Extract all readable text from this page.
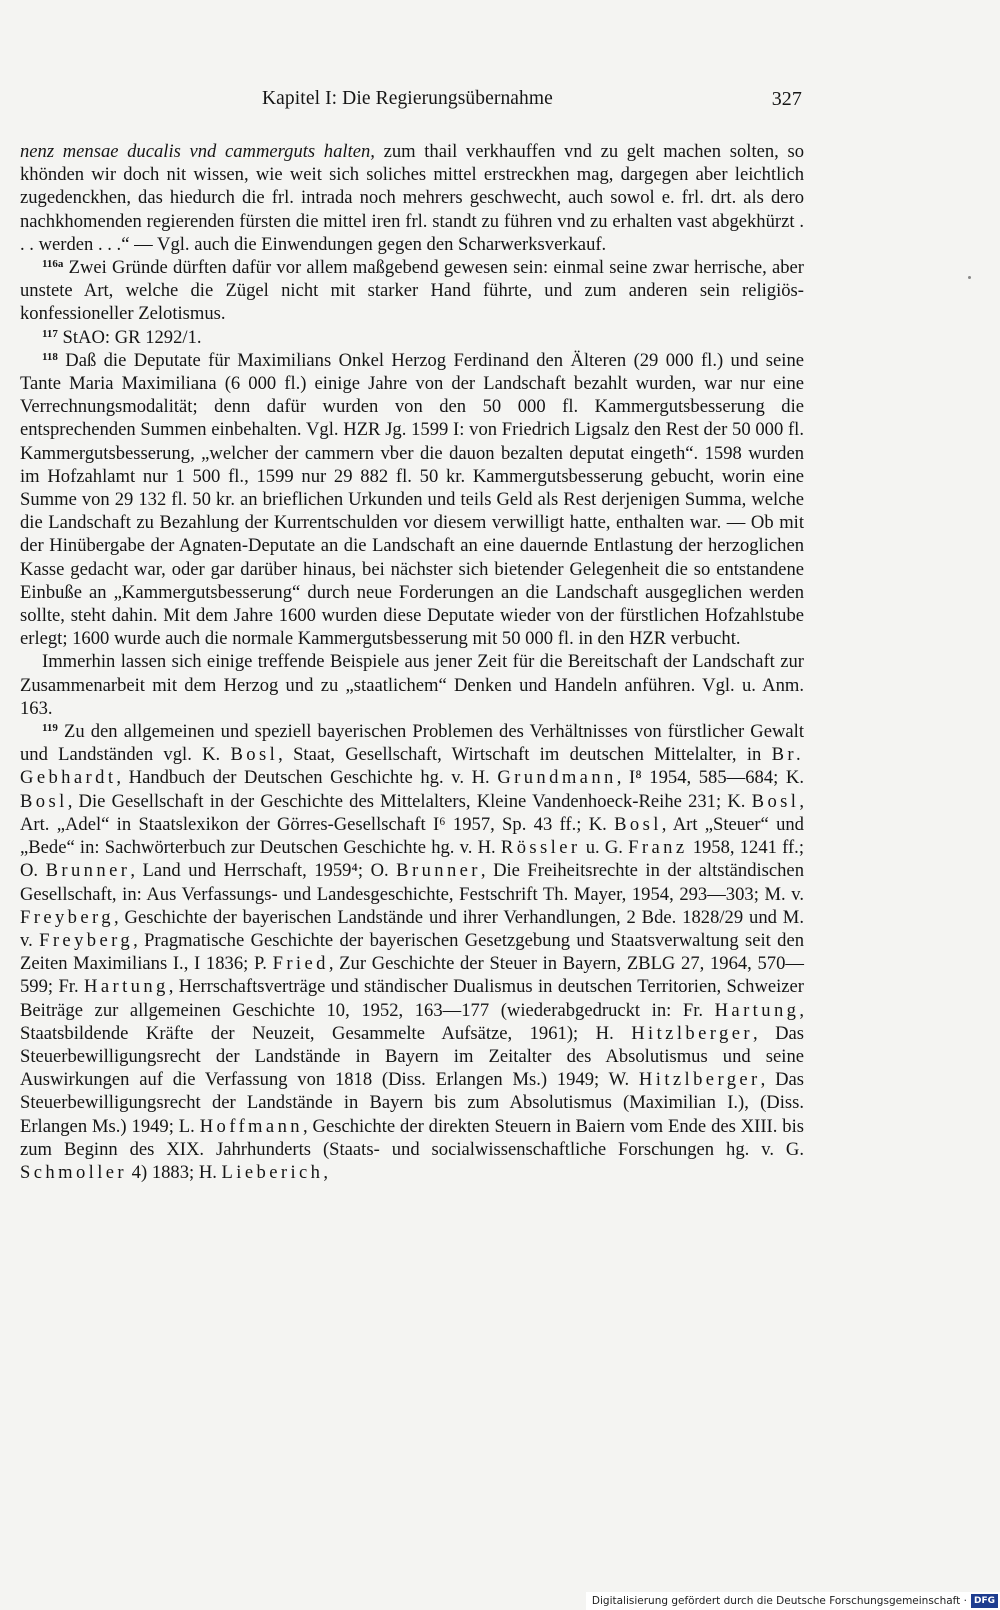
Kapitel I: Die Regierungsübernahme	327

nenz mensae ducalis vnd cammerguts halten, zum thail verkhauffen vnd zu gelt machen solten, so khönden wir doch nit wissen, wie weit sich soliches mittel erstreckhen mag, dargegen aber leichtlich zugedenckhen, das hiedurch die frl. intrada noch mehrers geschwecht, auch sowol e. frl. drt. als dero nachkhomenden regierenden fürsten die mittel iren frl. standt zu führen vnd zu erhalten vast abgekhürzt . . . werden . . .“ — Vgl. auch die Einwendungen gegen den Scharwerksverkauf.

$^{116a}$ Zwei Gründe dürften dafür vor allem maßgebend gewesen sein: einmal seine zwar herrische, aber unstete Art, welche die Zügel nicht mit starker Hand führte, und zum anderen sein religiös-konfessioneller Zelotismus.

$^{117}$ StAO: GR 1292/1.

$^{118}$ Daß die Deputate für Maximilians Onkel Herzog Ferdinand den Älteren (29 000 fl.) und seine Tante Maria Maximiliana (6 000 fl.) einige Jahre von der Landschaft bezahlt wurden, war nur eine Verrechnungsmodalität; denn dafür wurden von den 50 000 fl. Kammergutsbesserung die entsprechenden Summen einbehalten. Vgl. HZR Jg. 1599 I: von Friedrich Ligsalz den Rest der 50 000 fl. Kammergutsbesserung, „welcher der cammern vber die dauon bezalten deputat eingeth“. 1598 wurden im Hofzahlamt nur 1 500 fl., 1599 nur 29 882 fl. 50 kr. Kammergutsbesserung gebucht, worin eine Summe von 29 132 fl. 50 kr. an brieflichen Urkunden und teils Geld als Rest derjenigen Summa, welche die Landschaft zu Bezahlung der Kurrentschulden vor diesem verwilligt hatte, enthalten war. — Ob mit der Hinübergabe der Agnaten-Deputate an die Landschaft an eine dauernde Entlastung der herzoglichen Kasse gedacht war, oder gar darüber hinaus, bei nächster sich bietender Gelegenheit die so entstandene Einbuße an „Kammergutsbesserung“ durch neue Forderungen an die Landschaft ausgeglichen werden sollte, steht dahin. Mit dem Jahre 1600 wurden diese Deputate wieder von der fürstlichen Hofzahlstube erlegt; 1600 wurde auch die normale Kammergutsbesserung mit 50 000 fl. in den HZR verbucht.

Immerhin lassen sich einige treffende Beispiele aus jener Zeit für die Bereitschaft der Landschaft zur Zusammenarbeit mit dem Herzog und zu „staatlichem“ Denken und Handeln anführen. Vgl. u. Anm. 163.

$^{119}$ Zu den allgemeinen und speziell bayerischen Problemen des Verhältnisses von fürstlicher Gewalt und Landständen vgl. K. Bosl, Staat, Gesellschaft, Wirtschaft im deutschen Mittelalter, in Br. Gebhardt, Handbuch der Deutschen Geschichte hg. v. H. Grundmann, I⁸ 1954, 585—684; K. Bosl, Die Gesellschaft in der Geschichte des Mittelalters, Kleine Vandenhoeck-Reihe 231; K. Bosl, Art. „Adel“ in Staatslexikon der Görres-Gesellschaft I⁶ 1957, Sp. 43 ff.; K. Bosl, Art „Steuer“ und „Bede“ in: Sachwörterbuch zur Deutschen Geschichte hg. v. H. Rössler u. G. Franz 1958, 1241 ff.; O. Brunner, Land und Herrschaft, 1959⁴; O. Brunner, Die Freiheitsrechte in der altständischen Gesellschaft, in: Aus Verfassungs- und Landesgeschichte, Festschrift Th. Mayer, 1954, 293—303; M. v. Freyberg, Geschichte der bayerischen Landstände und ihrer Verhandlungen, 2 Bde. 1828/29 und M. v. Freyberg, Pragmatische Geschichte der bayerischen Gesetzgebung und Staatsverwaltung seit den Zeiten Maximilians I., I 1836; P. Fried, Zur Geschichte der Steuer in Bayern, ZBLG 27, 1964, 570—599; Fr. Hartung, Herrschaftsverträge und ständischer Dualismus in deutschen Territorien, Schweizer Beiträge zur allgemeinen Geschichte 10, 1952, 163—177 (wiederabgedruckt in: Fr. Hartung, Staatsbildende Kräfte der Neuzeit, Gesammelte Aufsätze, 1961); H. Hitzlberger, Das Steuerbewilligungsrecht der Landstände in Bayern im Zeitalter des Absolutismus und seine Auswirkungen auf die Verfassung von 1818 (Diss. Erlangen Ms.) 1949; W. Hitzlberger, Das Steuerbewilligungsrecht der Landstände in Bayern bis zum Absolutismus (Maximilian I.), (Diss. Erlangen Ms.) 1949; L. Hoffmann, Geschichte der direkten Steuern in Baiern vom Ende des XIII. bis zum Beginn des XIX. Jahrhunderts (Staats- und socialwissenschaftliche Forschungen hg. v. G. Schmoller 4) 1883; H. Lieberich,

Digitalisierung gefördert durch die Deutsche Forschungsgemeinschaft · DFG
